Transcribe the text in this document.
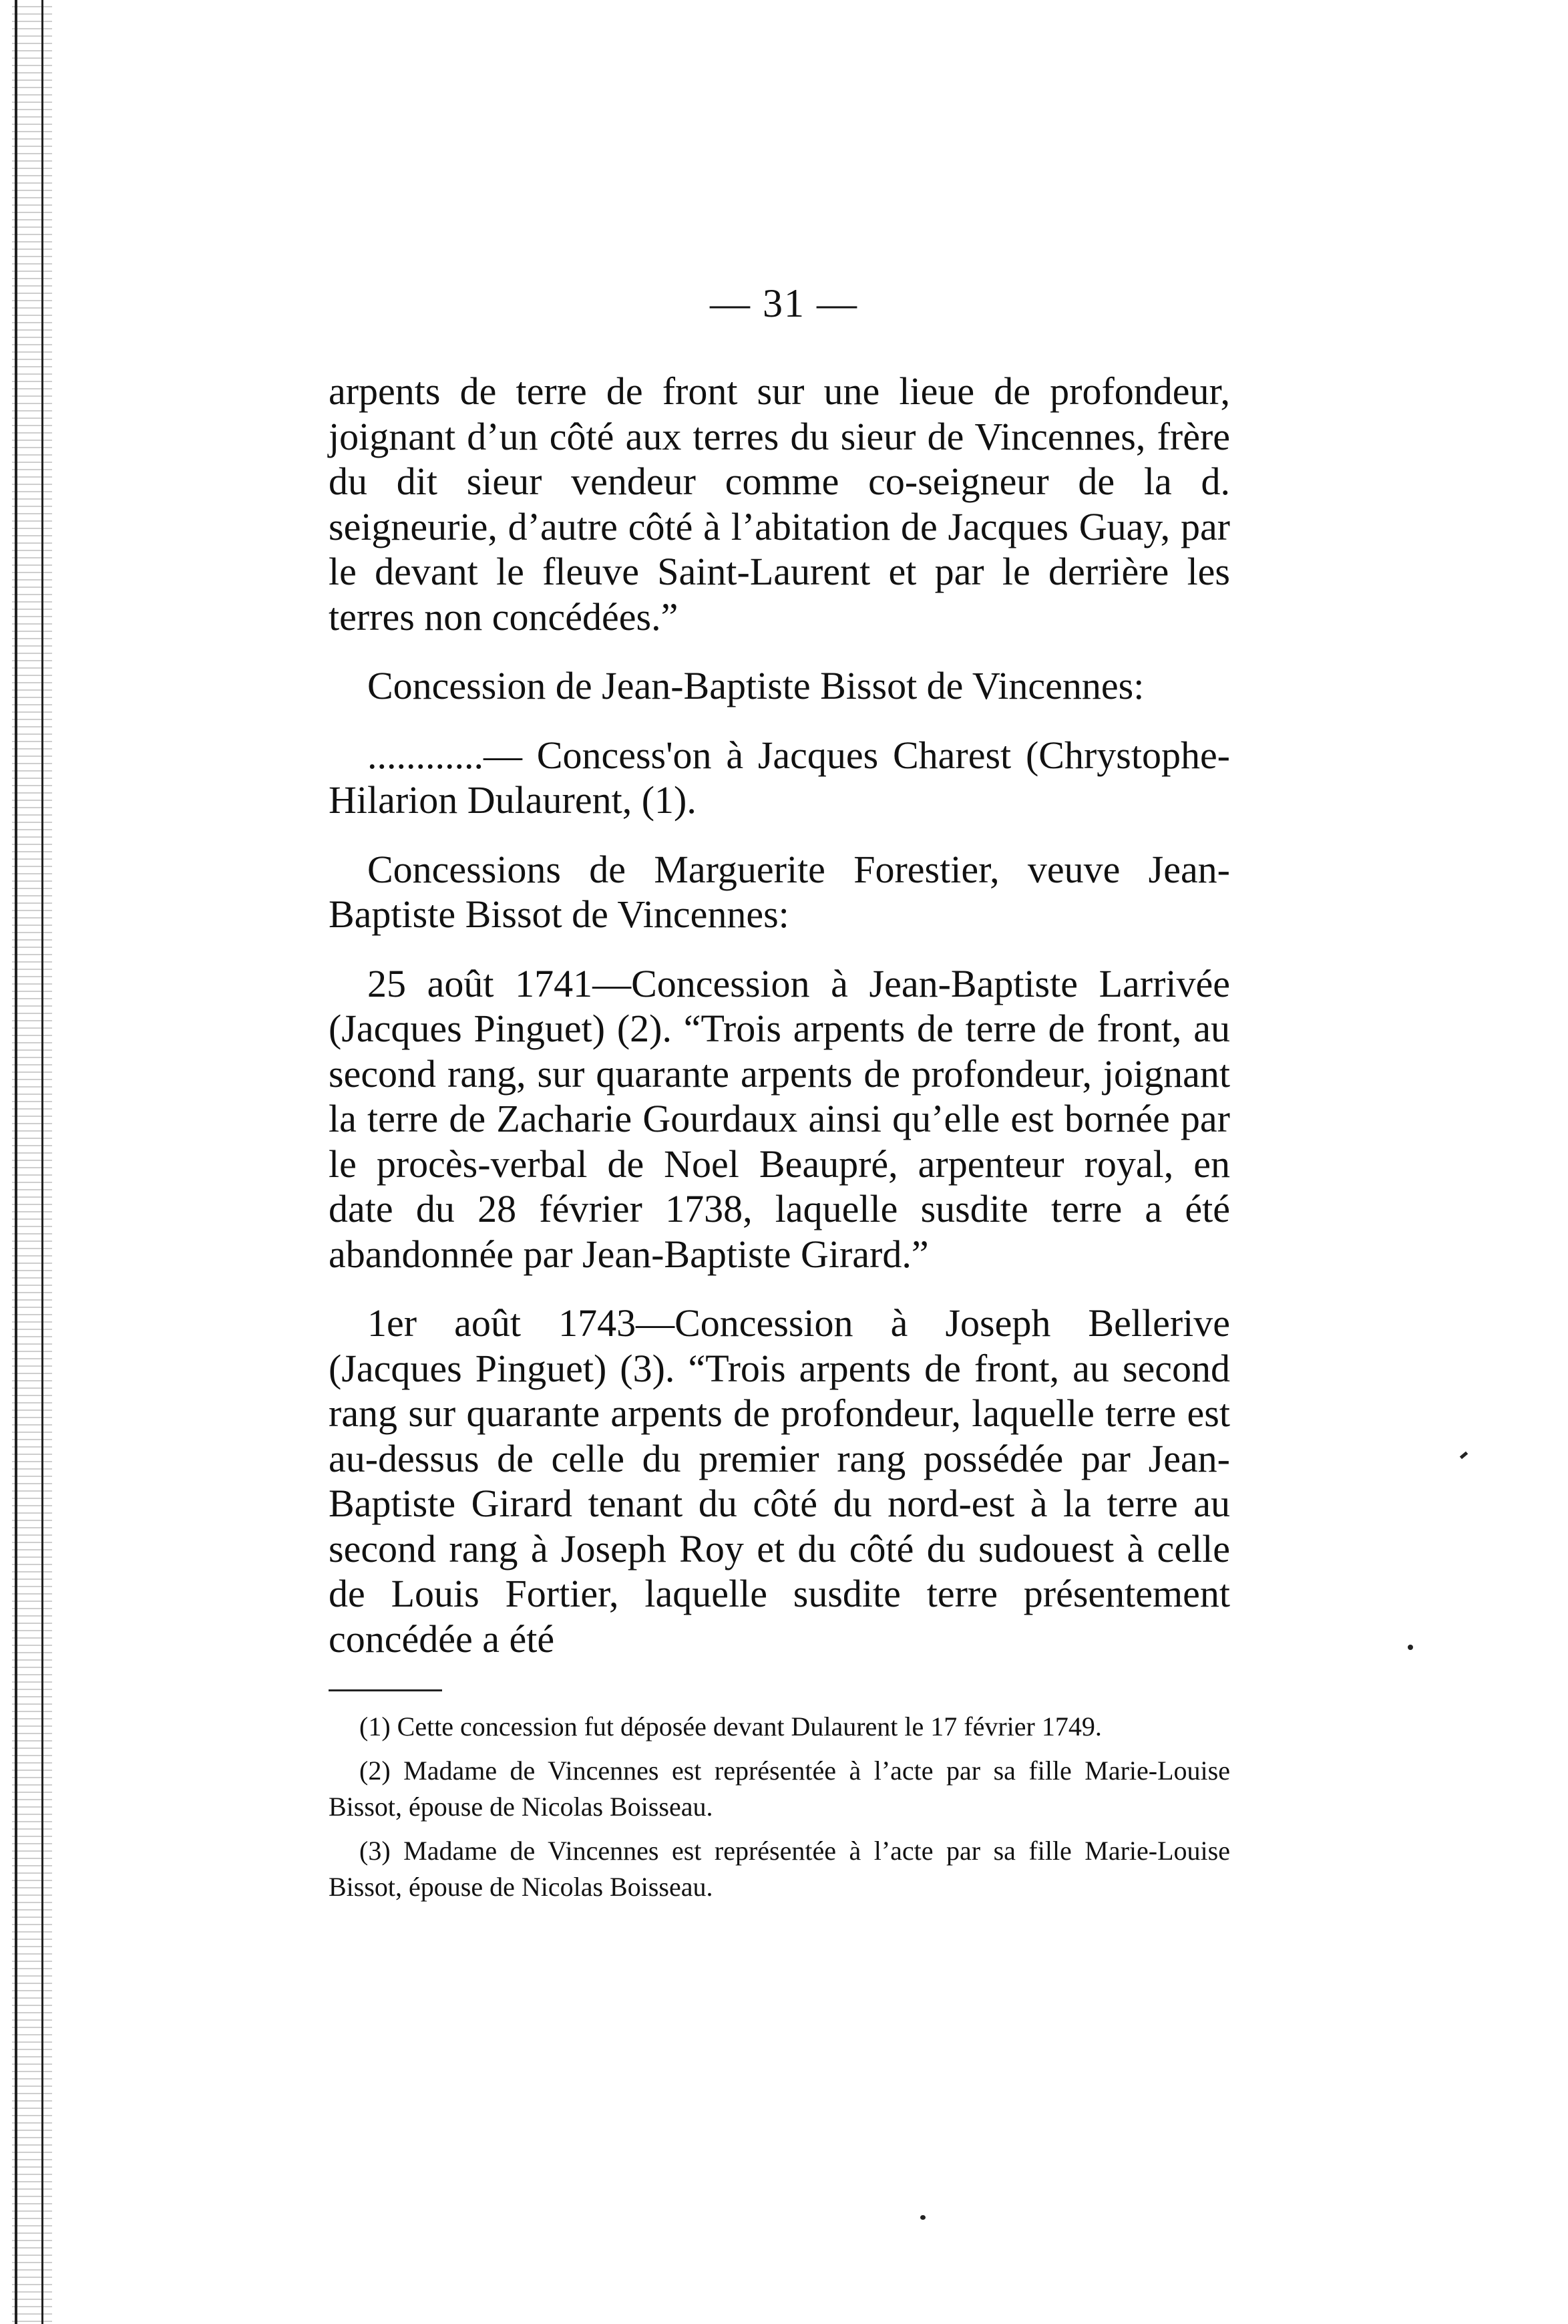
— 31 —

arpents de terre de front sur une lieue de profondeur, joignant d’un côté aux terres du sieur de Vincennes, frère du dit sieur vendeur comme co-seigneur de la d. seigneurie, d’autre côté à l’abitation de Jacques Guay, par le devant le fleuve Saint-Laurent et par le derrière les terres non concédées.”

Concession de Jean-Baptiste Bissot de Vincennes:

............— Concess'on à Jacques Charest (Chrystophe-Hilarion Dulaurent, (1).

Concessions de Marguerite Forestier, veuve Jean-Baptiste Bissot de Vincennes:

25 août 1741—Concession à Jean-Baptiste Larrivée (Jacques Pinguet) (2). “Trois arpents de terre de front, au second rang, sur quarante arpents de profondeur, joignant la terre de Zacharie Gourdaux ainsi qu’elle est bornée par le procès-verbal de Noel Beaupré, arpenteur royal, en date du 28 février 1738, laquelle susdite terre a été abandonnée par Jean-Baptiste Girard.”

1er août 1743—Concession à Joseph Bellerive (Jacques Pinguet) (3). “Trois arpents de front, au second rang sur quarante arpents de profondeur, laquelle terre est au-dessus de celle du premier rang possédée par Jean-Baptiste Girard tenant du côté du nord-est à la terre au second rang à Joseph Roy et du côté du sudouest à celle de Louis Fortier, laquelle susdite terre présentement concédée a été

(1) Cette concession fut déposée devant Dulaurent le 17 février 1749.

(2) Madame de Vincennes est représentée à l’acte par sa fille Marie-Louise Bissot, épouse de Nicolas Boisseau.

(3) Madame de Vincennes est représentée à l’acte par sa fille Marie-Louise Bissot, épouse de Nicolas Boisseau.
